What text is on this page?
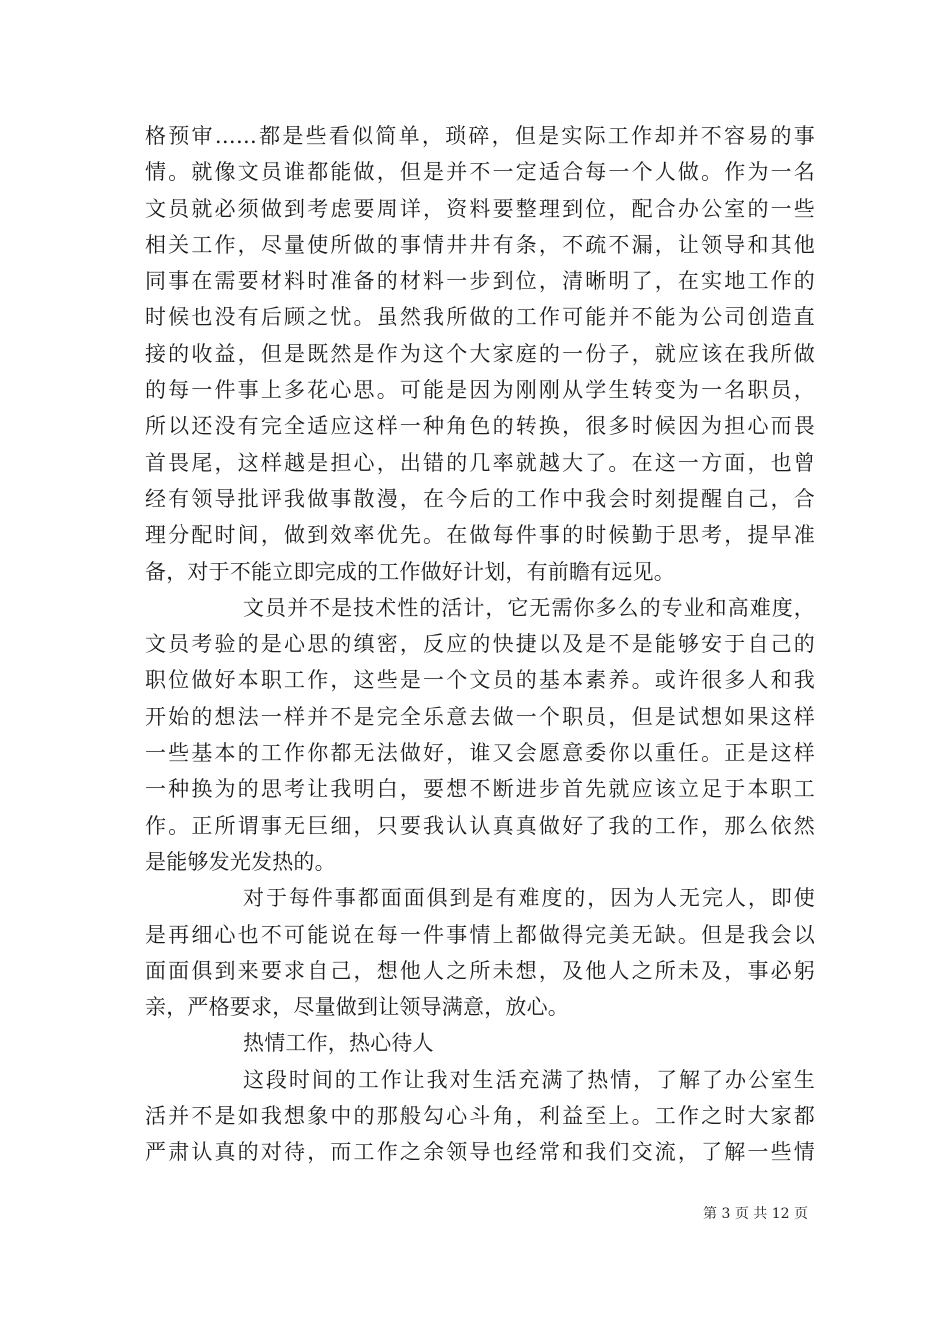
格预审……都是些看似简单，琐碎，但是实际工作却并不容易的事
情。就像文员谁都能做，但是并不一定适合每一个人做。作为一名
文员就必须做到考虑要周详，资料要整理到位，配合办公室的一些
相关工作，尽量使所做的事情井井有条，不疏不漏，让领导和其他
同事在需要材料时准备的材料一步到位，清晰明了，在实地工作的
时候也没有后顾之忧。虽然我所做的工作可能并不能为公司创造直
接的收益，但是既然是作为这个大家庭的一份子，就应该在我所做
的每一件事上多花心思。可能是因为刚刚从学生转变为一名职员，
所以还没有完全适应这样一种角色的转换，很多时候因为担心而畏
首畏尾，这样越是担心，出错的几率就越大了。在这一方面，也曾
经有领导批评我做事散漫，在今后的工作中我会时刻提醒自己，合
理分配时间，做到效率优先。在做每件事的时候勤于思考，提早准
备，对于不能立即完成的工作做好计划，有前瞻有远见。
文员并不是技术性的活计，它无需你多么的专业和高难度，
文员考验的是心思的缜密，反应的快捷以及是不是能够安于自己的
职位做好本职工作，这些是一个文员的基本素养。或许很多人和我
开始的想法一样并不是完全乐意去做一个职员，但是试想如果这样
一些基本的工作你都无法做好，谁又会愿意委你以重任。正是这样
一种换为的思考让我明白，要想不断进步首先就应该立足于本职工
作。正所谓事无巨细，只要我认认真真做好了我的工作，那么依然
是能够发光发热的。
对于每件事都面面俱到是有难度的，因为人无完人，即使
是再细心也不可能说在每一件事情上都做得完美无缺。但是我会以
面面俱到来要求自己，想他人之所未想，及他人之所未及，事必躬
亲，严格要求，尽量做到让领导满意，放心。
热情工作，热心待人
这段时间的工作让我对生活充满了热情，了解了办公室生
活并不是如我想象中的那般勾心斗角，利益至上。工作之时大家都
严肃认真的对待，而工作之余领导也经常和我们交流，了解一些情
第 3 页 共 12 页
